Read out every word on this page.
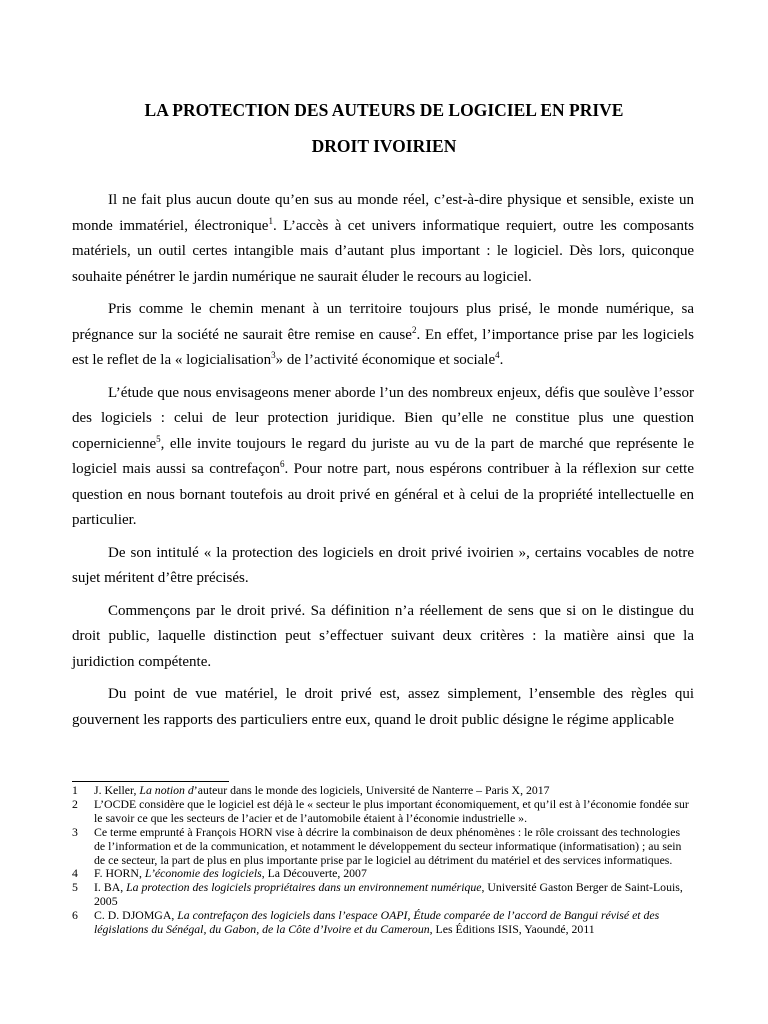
LA PROTECTION DES AUTEURS DE LOGICIEL EN PRIVE
DROIT IVOIRIEN

Il ne fait plus aucun doute qu’en sus au monde réel, c’est-à-dire physique et sensible, existe un monde immatériel, électronique$^1$. L’accès à cet univers informatique requiert, outre les composants matériels, un outil certes intangible mais d’autant plus important : le logiciel. Dès lors, quiconque souhaite pénétrer le jardin numérique ne saurait éluder le recours au logiciel.

Pris comme le chemin menant à un territoire toujours plus prisé, le monde numérique, sa prégnance sur la société ne saurait être remise en cause$^2$. En effet, l’importance prise par les logiciels est le reflet de la « logicialisation$^3$» de l’activité économique et sociale$^4$.

L’étude que nous envisageons mener aborde l’un des nombreux enjeux, défis que soulève l’essor des logiciels : celui de leur protection juridique. Bien qu’elle ne constitue plus une question copernicienne$^5$, elle invite toujours le regard du juriste au vu de la part de marché que représente le logiciel mais aussi sa contrefaçon$^6$. Pour notre part, nous espérons contribuer à la réflexion sur cette question en nous bornant toutefois au droit privé en général et à celui de la propriété intellectuelle en particulier.

De son intitulé « la protection des logiciels en droit privé ivoirien », certains vocables de notre sujet méritent d’être précisés.

Commençons par le droit privé. Sa définition n’a réellement de sens que si on le distingue du droit public, laquelle distinction peut s’effectuer suivant deux critères : la matière ainsi que la juridiction compétente.

Du point de vue matériel, le droit privé est, assez simplement, l’ensemble des règles qui gouvernent les rapports des particuliers entre eux, quand le droit public désigne le régime applicable

1	J. Keller, La notion d’auteur dans le monde des logiciels, Université de Nanterre – Paris X, 2017
2	L’OCDE considère que le logiciel est déjà le « secteur le plus important économiquement, et qu’il est à l’économie fondée sur le savoir ce que les secteurs de l’acier et de l’automobile étaient à l’économie industrielle ».
3	Ce terme emprunté à François HORN vise à décrire la combinaison de deux phénomènes : le rôle croissant des technologies de l’information et de la communication, et notamment le développement du secteur informatique (informatisation) ; au sein de ce secteur, la part de plus en plus importante prise par le logiciel au détriment du matériel et des services informatiques.
4	F. HORN, L’économie des logiciels, La Découverte, 2007
5	I. BA, La protection des logiciels propriétaires dans un environnement numérique, Université Gaston Berger de Saint-Louis, 2005
6	C. D. DJOMGA, La contrefaçon des logiciels dans l’espace OAPI, Étude comparée de l’accord de Bangui révisé et des législations du Sénégal, du Gabon, de la Côte d’Ivoire et du Cameroun, Les Éditions ISIS, Yaoundé, 2011
